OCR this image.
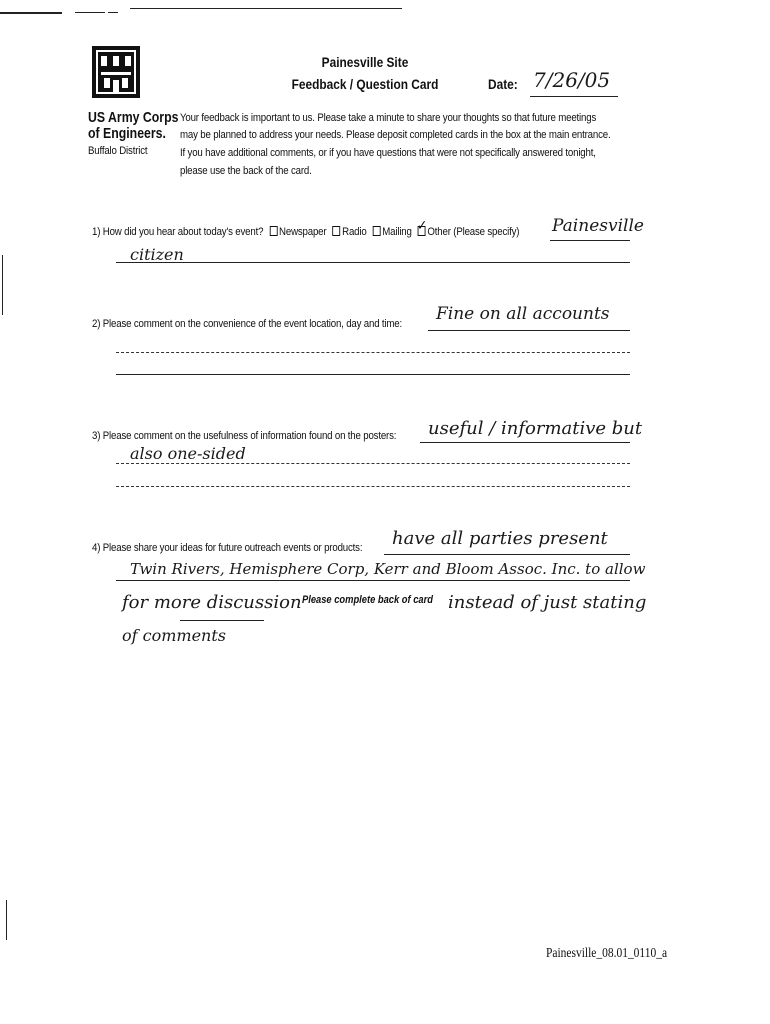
US Army Corps
of Engineers.
Buffalo District
Painesville Site
Feedback / Question Card	Date: 7/26/05
Your feedback is important to us. Please take a minute to share your thoughts so that future meetings
may be planned to address your needs. Please deposit completed cards in the box at the main entrance.
If you have additional comments, or if you have questions that were not specifically answered tonight,
please use the back of the card.
1) How did you hear about today's event? Newspaper Radio Mailing ✓ Other (Please specify) Painesville
citizen
2) Please comment on the convenience of the event location, day and time: Fine on all accounts
3) Please comment on the usefulness of information found on the posters: useful / informative but
also one-sided
4) Please share your ideas for future outreach events or products: have all parties present
Twin Rivers, Hemisphere Corp, Kerr and Bloom Assoc. Inc. to allow
for more discussion Please complete back of card instead of just stating
of comments
Painesville_08.01_0110_a
